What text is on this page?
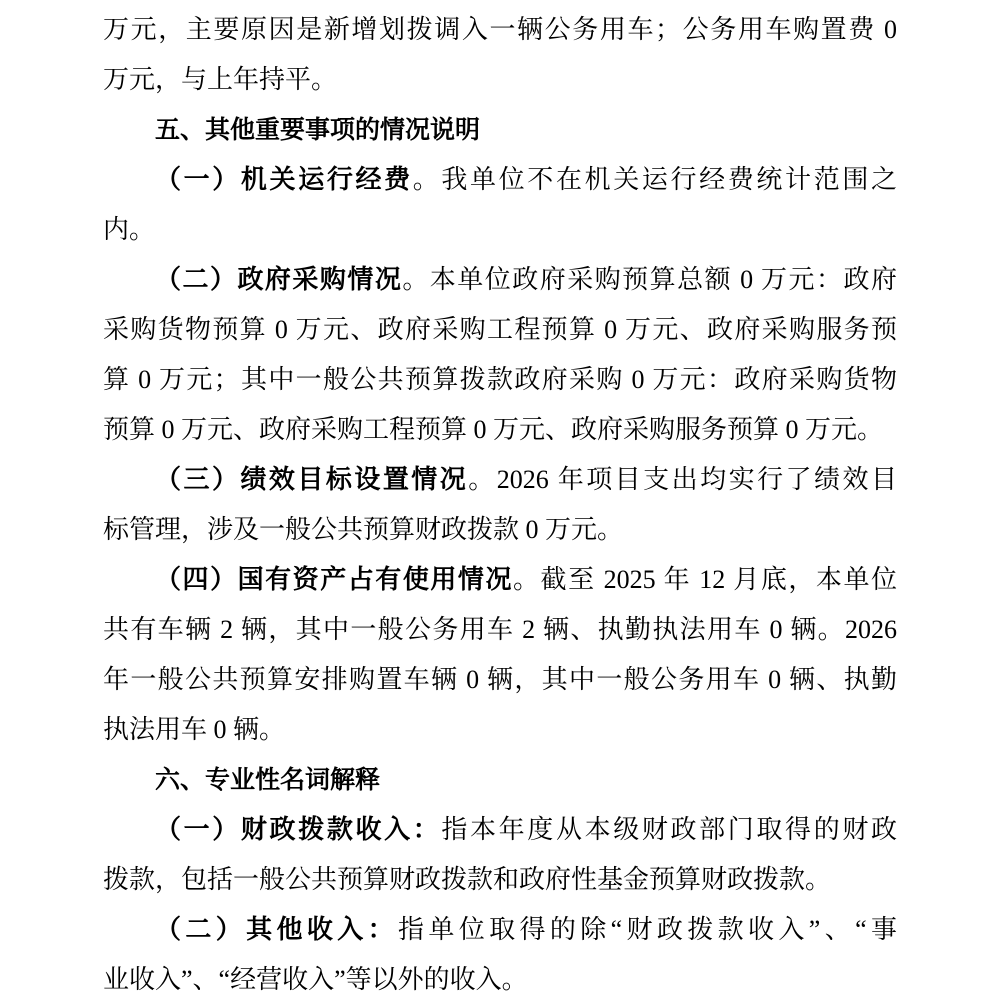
万元，主要原因是新增划拨调入一辆公务用车；公务用车购置费 0
万元，与上年持平。
五、其他重要事项的情况说明
（一）机关运行经费。我单位不在机关运行经费统计范围之
内。
（二）政府采购情况。本单位政府采购预算总额 0 万元：政府
采购货物预算 0 万元、政府采购工程预算 0 万元、政府采购服务预
算 0 万元；其中一般公共预算拨款政府采购 0 万元：政府采购货物
预算 0 万元、政府采购工程预算 0 万元、政府采购服务预算 0 万元。
（三）绩效目标设置情况。2026 年项目支出均实行了绩效目
标管理，涉及一般公共预算财政拨款 0 万元。
（四）国有资产占有使用情况。截至 2025 年 12 月底，本单位
共有车辆 2 辆，其中一般公务用车 2 辆、执勤执法用车 0 辆。2026
年一般公共预算安排购置车辆 0 辆，其中一般公务用车 0 辆、执勤
执法用车 0 辆。
六、专业性名词解释
（一）财政拨款收入：指本年度从本级财政部门取得的财政
拨款，包括一般公共预算财政拨款和政府性基金预算财政拨款。
（二）其他收入：指单位取得的除“财政拨款收入”、“事
业收入”、“经营收入”等以外的收入。
